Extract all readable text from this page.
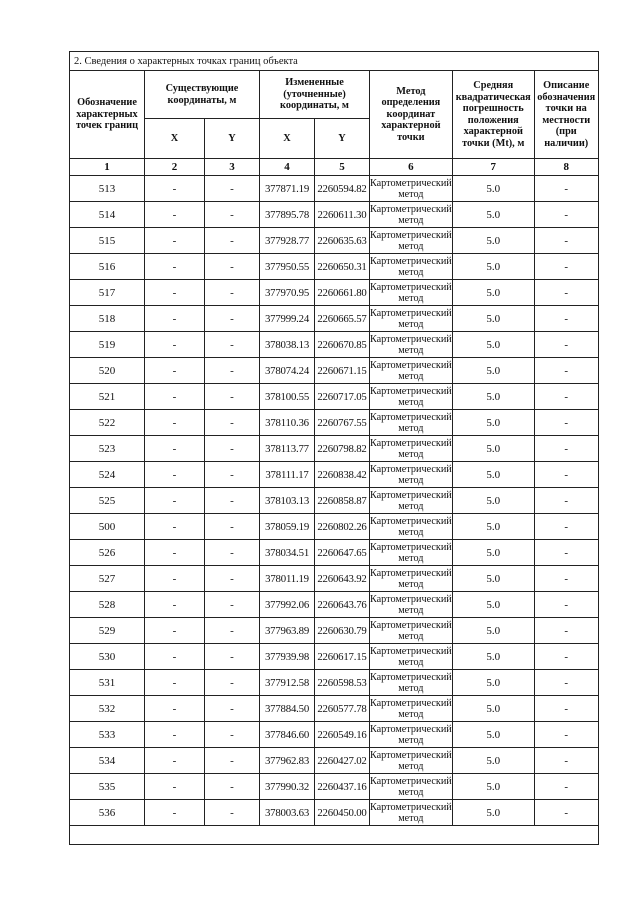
2. Сведения о характерных точках границ объекта							
Обозначение характерных точек границ	Существующие координаты, м		Измененные (уточненные) координаты, м		Метод определения координат характерной точки	Средняя квадратическая погрешность положения характерной точки (Mt), м	Описание обозначения точки на местности (при наличии)
	X	Y	X	Y			
1	2	3	4	5	6	7	8
513	-	-	377871.19	2260594.82	Картометрический метод	5.0	-
514	-	-	377895.78	2260611.30	Картометрический метод	5.0	-
515	-	-	377928.77	2260635.63	Картометрический метод	5.0	-
516	-	-	377950.55	2260650.31	Картометрический метод	5.0	-
517	-	-	377970.95	2260661.80	Картометрический метод	5.0	-
518	-	-	377999.24	2260665.57	Картометрический метод	5.0	-
519	-	-	378038.13	2260670.85	Картометрический метод	5.0	-
520	-	-	378074.24	2260671.15	Картометрический метод	5.0	-
521	-	-	378100.55	2260717.05	Картометрический метод	5.0	-
522	-	-	378110.36	2260767.55	Картометрический метод	5.0	-
523	-	-	378113.77	2260798.82	Картометрический метод	5.0	-
524	-	-	378111.17	2260838.42	Картометрический метод	5.0	-
525	-	-	378103.13	2260858.87	Картометрический метод	5.0	-
500	-	-	378059.19	2260802.26	Картометрический метод	5.0	-
526	-	-	378034.51	2260647.65	Картометрический метод	5.0	-
527	-	-	378011.19	2260643.92	Картометрический метод	5.0	-
528	-	-	377992.06	2260643.76	Картометрический метод	5.0	-
529	-	-	377963.89	2260630.79	Картометрический метод	5.0	-
530	-	-	377939.98	2260617.15	Картометрический метод	5.0	-
531	-	-	377912.58	2260598.53	Картометрический метод	5.0	-
532	-	-	377884.50	2260577.78	Картометрический метод	5.0	-
533	-	-	377846.60	2260549.16	Картометрический метод	5.0	-
534	-	-	377962.83	2260427.02	Картометрический метод	5.0	-
535	-	-	377990.32	2260437.16	Картометрический метод	5.0	-
536	-	-	378003.63	2260450.00	Картометрический метод	5.0	-
